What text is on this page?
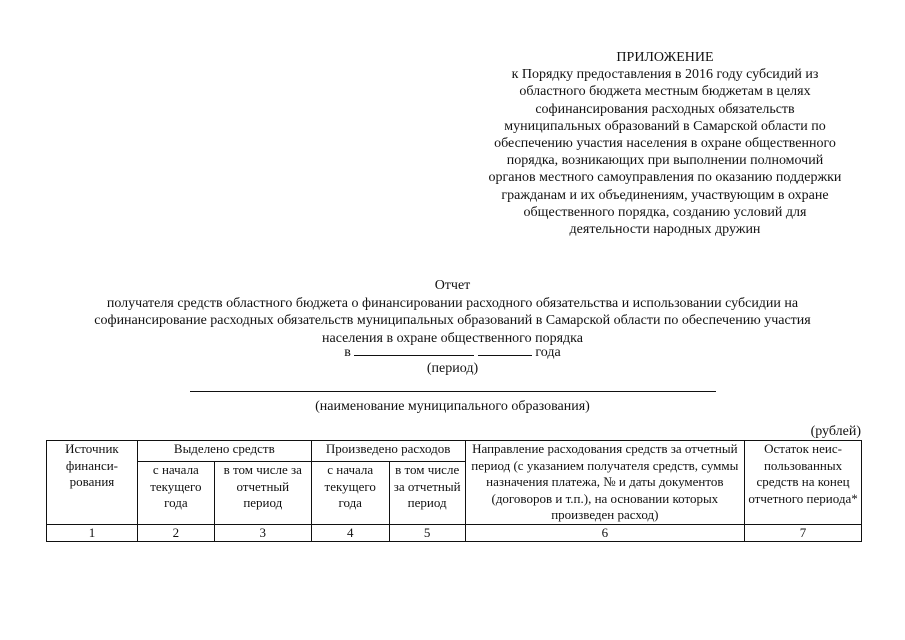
ПРИЛОЖЕНИЕ
к Порядку предоставления в 2016 году субсидий из
областного бюджета местным бюджетам в целях
софинансирования расходных обязательств
муниципальных образований в Самарской области по
обеспечению участия населения в охране общественного
порядка, возникающих при выполнении полномочий
органов местного самоуправления по оказанию поддержки
гражданам и их объединениям, участвующим в охране
общественного порядка, созданию условий для
деятельности народных дружин
Отчет
получателя средств областного бюджета о финансировании расходного обязательства и использовании субсидии на
софинансирование расходных обязательств муниципальных образований в Самарской области по обеспечению участия
населения в охране общественного порядка
в	года
(период)
(наименование муниципального образования)
(рублей)
Источник финанси-рования	Выделено средств		Произведено расходов		Направление расходования средств за отчетный период (с указанием получателя средств, суммы назначения платежа, № и даты документов (договоров и т.п.), на основании которых произведен расход)	Остаток неис-пользованных средств на конец отчетного периода*
	с начала текущего года	в том числе за отчетный период	с начала текущего года	в том числе за отчетный период		
1	2	3	4	5	6	7
